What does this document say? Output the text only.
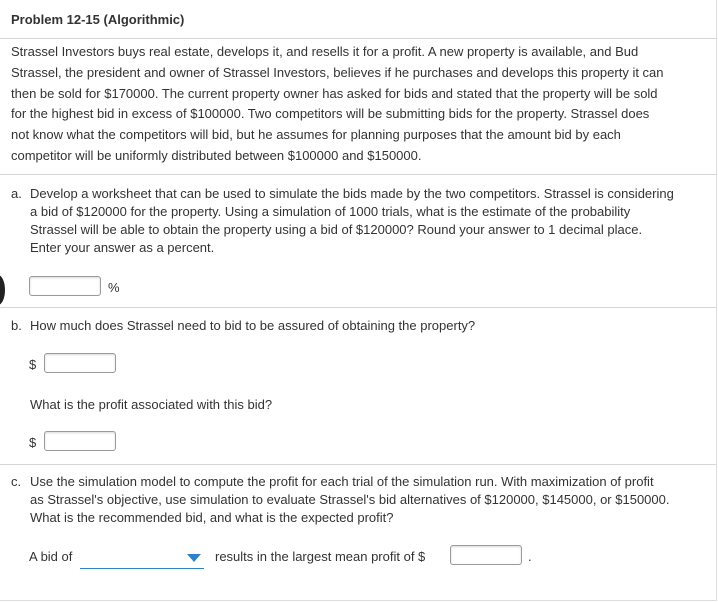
Problem 12-15 (Algorithmic)
Strassel Investors buys real estate, develops it, and resells it for a profit. A new property is available, and Bud
Strassel, the president and owner of Strassel Investors, believes if he purchases and develops this property it can
then be sold for $170000. The current property owner has asked for bids and stated that the property will be sold
for the highest bid in excess of $100000. Two competitors will be submitting bids for the property. Strassel does
not know what the competitors will bid, but he assumes for planning purposes that the amount bid by each
competitor will be uniformly distributed between $100000 and $150000.
a. Develop a worksheet that can be used to simulate the bids made by the two competitors. Strassel is considering
a bid of $120000 for the property. Using a simulation of 1000 trials, what is the estimate of the probability
Strassel will be able to obtain the property using a bid of $120000? Round your answer to 1 decimal place.
Enter your answer as a percent.
%
b. How much does Strassel need to bid to be assured of obtaining the property?
$
What is the profit associated with this bid?
$
c. Use the simulation model to compute the profit for each trial of the simulation run. With maximization of profit
as Strassel's objective, use simulation to evaluate Strassel's bid alternatives of $120000, $145000, or $150000.
What is the recommended bid, and what is the expected profit?
A bid of	results in the largest mean profit of $	.
